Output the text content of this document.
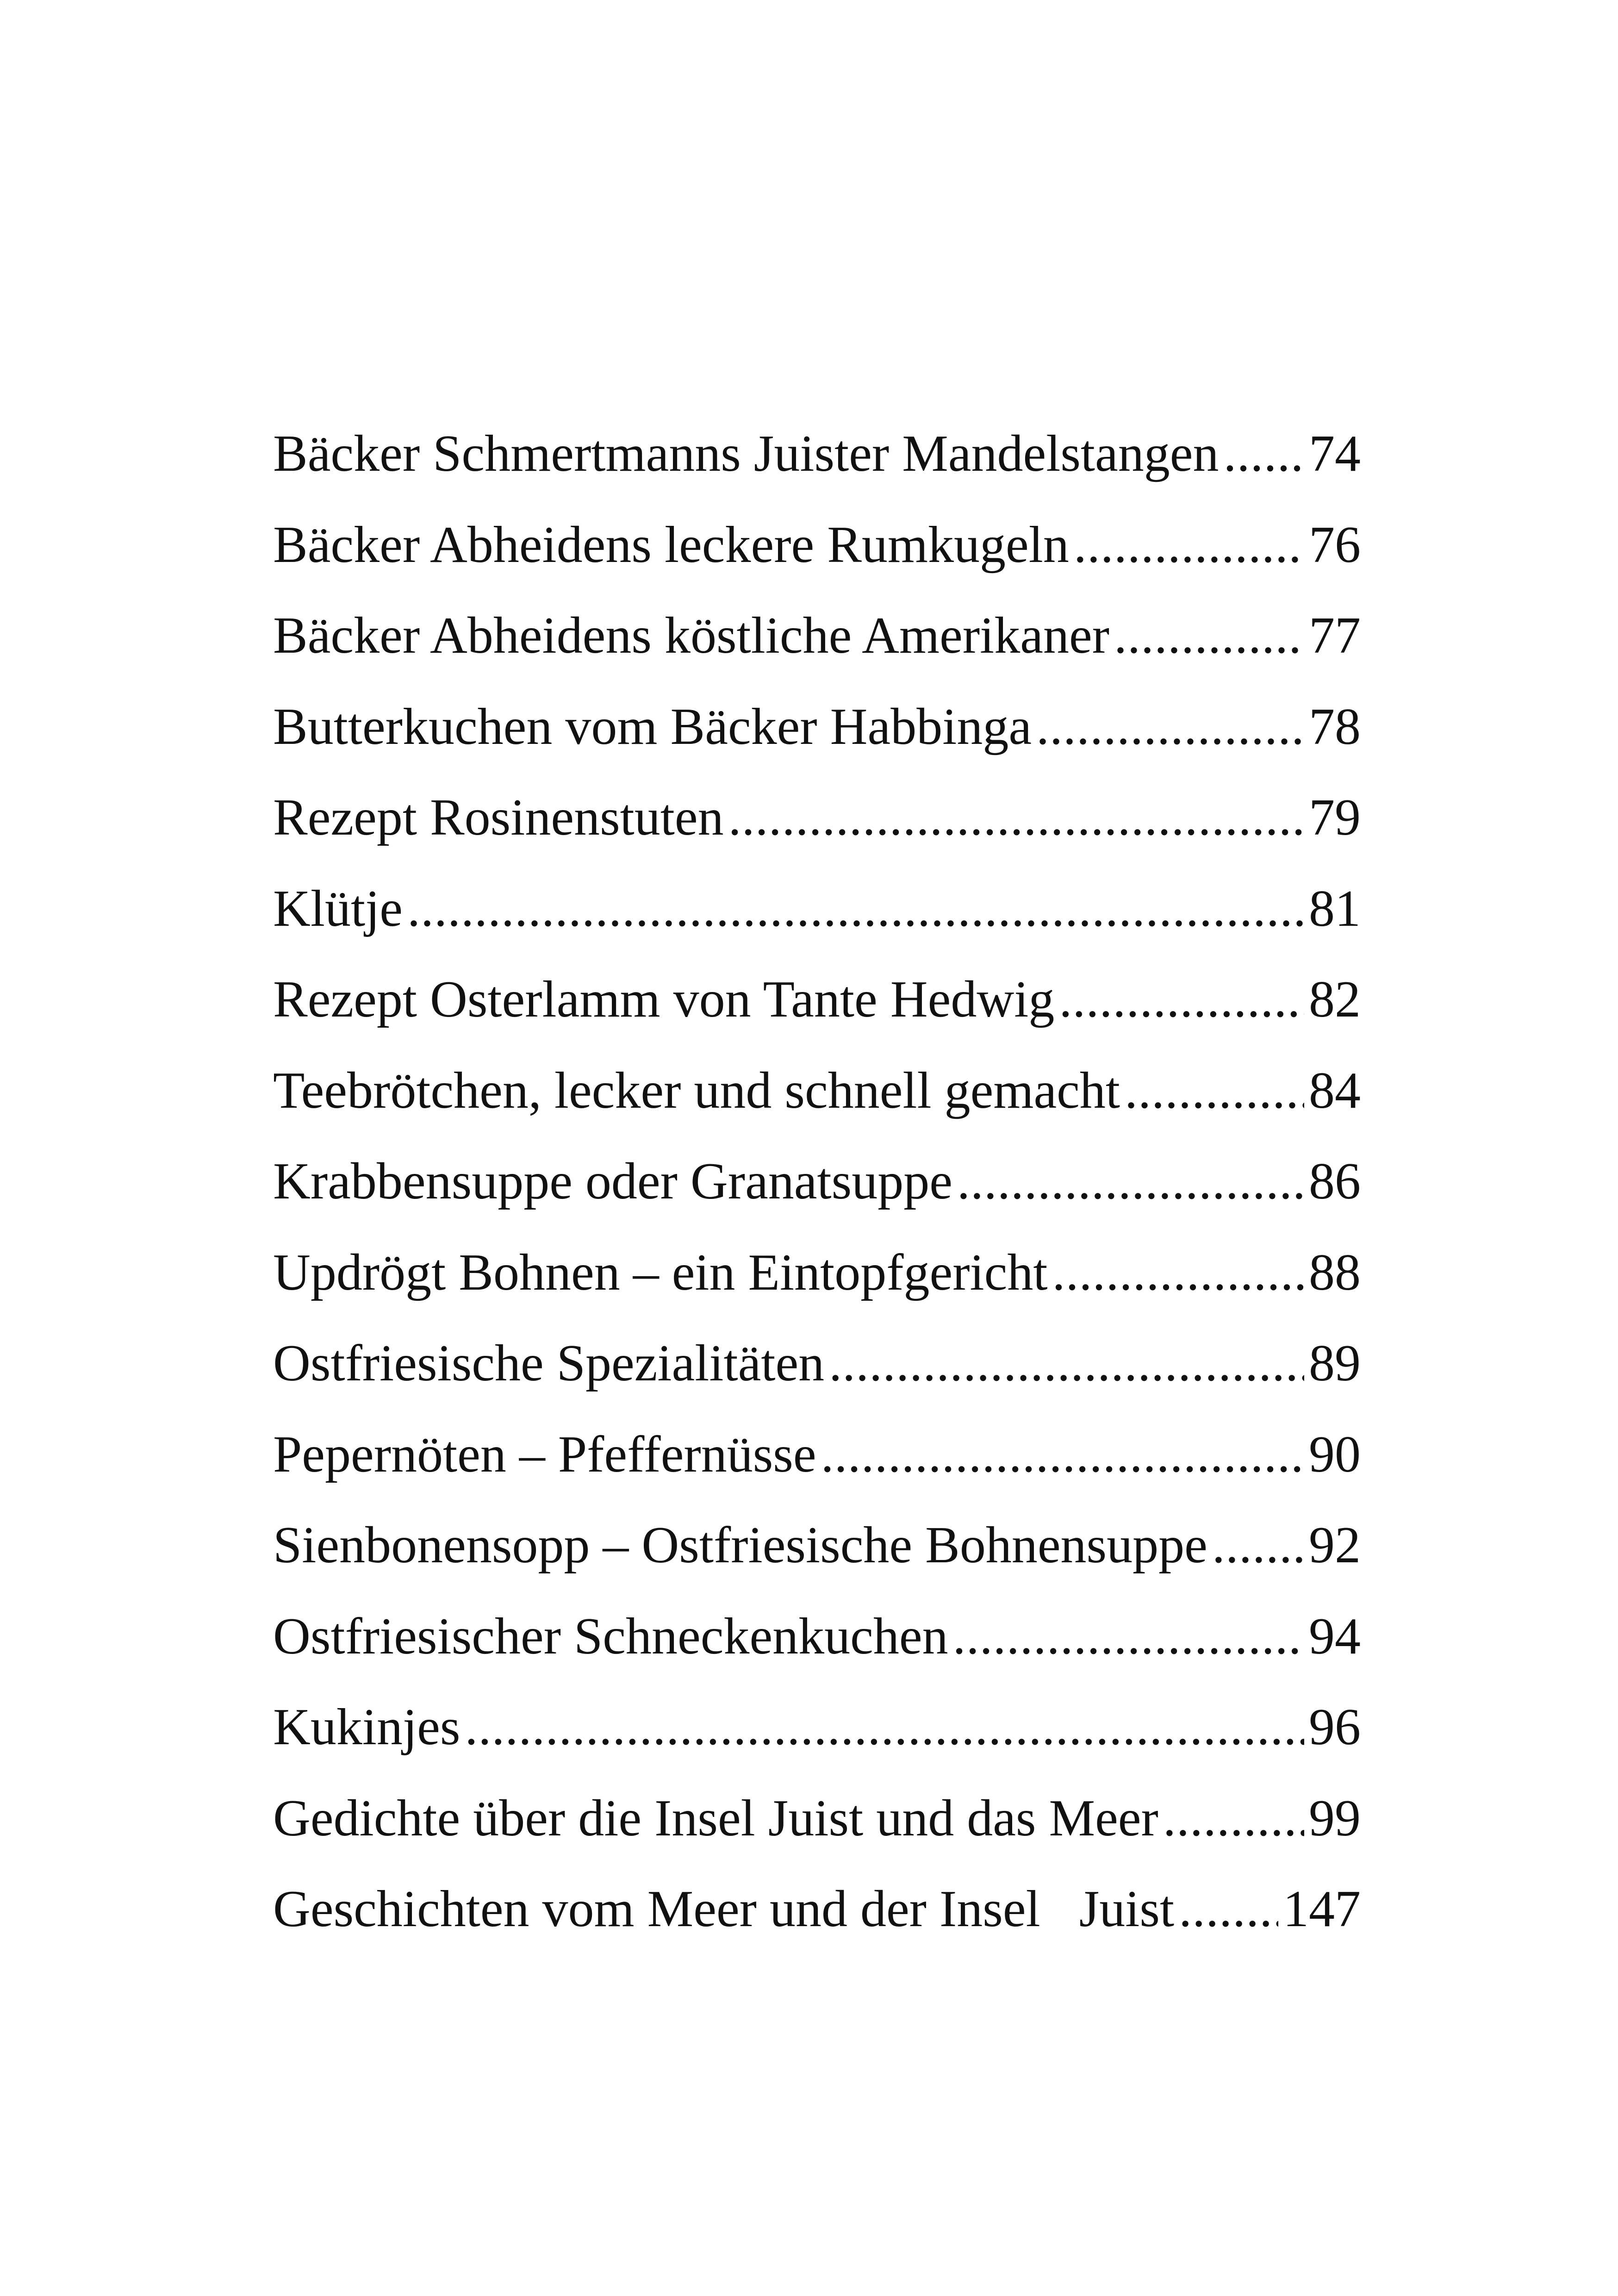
Bäcker Schmertmanns Juister Mandelstangen ..... 74
Bäcker Abheidens leckere Rumkugeln .....	76
Bäcker Abheidens köstliche Amerikaner .....	77
Butterkuchen vom Bäcker Habbinga .....	78
Rezept Rosinenstuten .....	79
Klütje .....	81
Rezept Osterlamm von Tante Hedwig .....	82
Teebrötchen, lecker und schnell gemacht .....	84
Krabbensuppe oder Granatsuppe .....	86
Updrögt Bohnen – ein Eintopfgericht .....	88
Ostfriesische Spezialitäten .....	89
Pepernöten – Pfeffernüsse .....	90
Sienbonensopp – Ostfriesische Bohnensuppe ..... 92
Ostfriesischer Schneckenkuchen .....	94
Kukinjes .....	96
Gedichte über die Insel Juist und das Meer .....	99
Geschichten vom Meer und der Insel   Juist ..... 147
